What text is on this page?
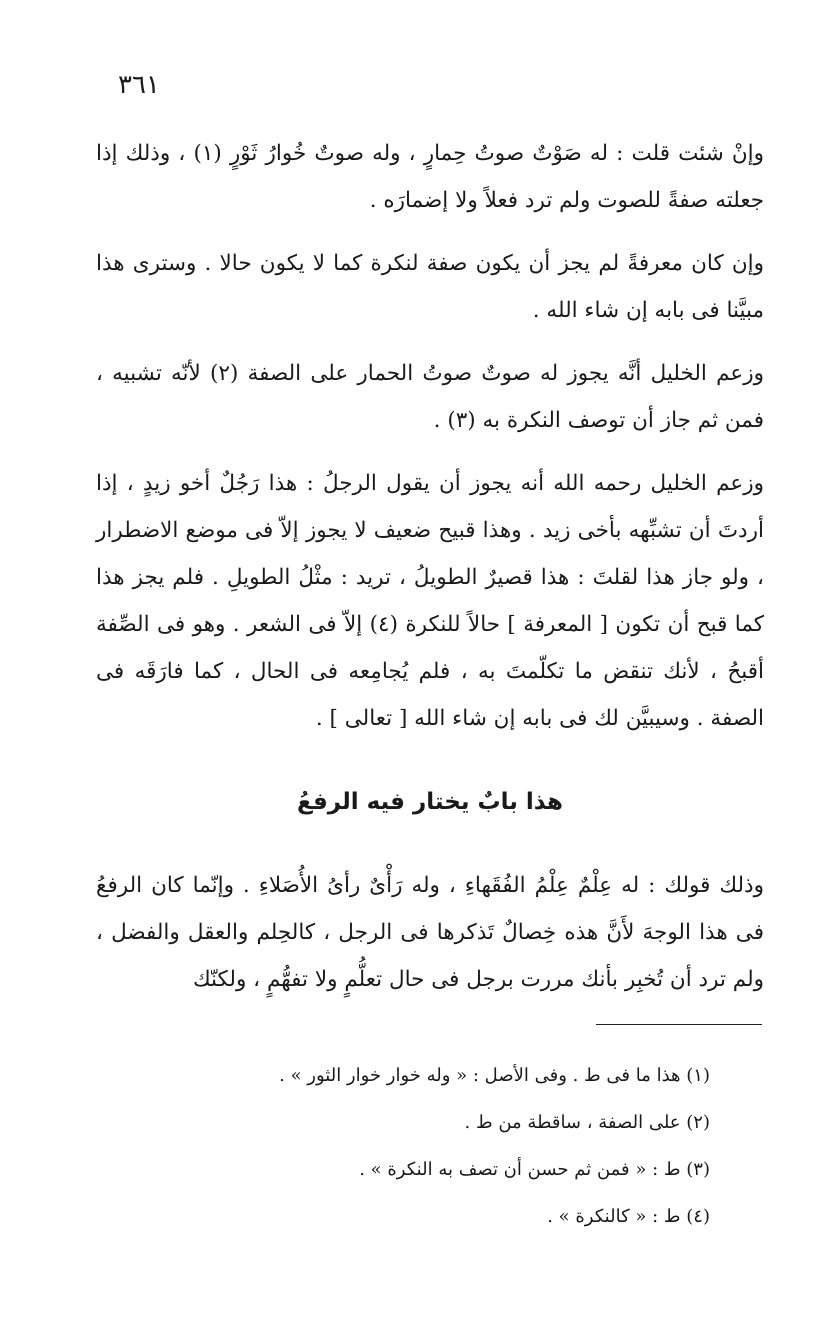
٣٦١

وإنْ شئت قلت : له صَوْتٌ صوتُ حِمارٍ ، وله صوتٌ خُوارُ ثَوْرٍ (١) ، وذلك إذا جعلته صفةً للصوت ولم ترد فعلاً ولا إضمارَه .

وإن كان معرفةً لم يجز أن يكون صفة لنكرة كما لا يكون حالا . وسترى هذا مبيَّنا فى بابه إن شاء الله .

وزعم الخليل أنَّه يجوز له صوتٌ صوتُ الحمار على الصفة (٢) لأنّه تشبيه ، فمن ثم جاز أن توصف النكرة به (٣) .

وزعم الخليل رحمه الله أنه يجوز أن يقول الرجلُ : هذا رَجُلٌ أخو زيدٍ ، إذا أردتَ أن تشبِّهه بأخى زيد . وهذا قبيح ضعيف لا يجوز إلاّ فى موضع الاضطرار ، ولو جاز هذا لقلتَ : هذا قصيرٌ الطويلُ ، تريد : مثْلُ الطويلِ . فلم يجز هذا كما قبح أن تكون [ المعرفة ] حالاً للنكرة (٤) إلاّ فى الشعر . وهو فى الصِّفة أقبحُ ، لأنك تنقض ما تكلّمتَ به ، فلم يُجامِعه فى الحال ، كما فارَقَه فى الصفة . وسيبيَّن لك فى بابه إن شاء الله [ تعالى ] .

هذا بابٌ يختار فيه الرفعُ

وذلك قولك : له عِلْمٌ عِلْمُ الفُقَهاءِ ، وله رَأْىٌ رأىُ الأُصَلاءِ . وإنّما كان الرفعُ فى هذا الوجهَ لأَنَّ هذه خِصالٌ تَذكرها فى الرجل ، كالحِلم والعقل والفضل ، ولم ترد أن تُخبِر بأنك مررت برجل فى حال تعلُّمٍ ولا تفهُّمٍ ، ولكنّك

(١) هذا ما فى ط . وفى الأصل : « وله خوار خوار الثور » .
(٢) على الصفة ، ساقطة من ط .
(٣) ط : « فمن ثم حسن أن تصف به النكرة » .
(٤) ط : « كالنكرة » .
